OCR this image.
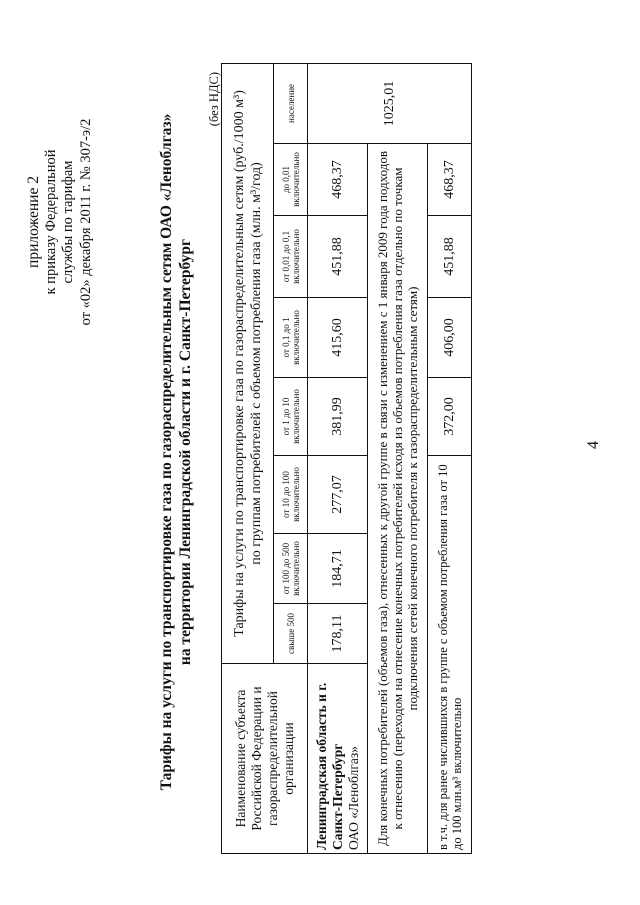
приложение 2 к приказу Федеральной службы по тарифам от «02» декабря 2011 г. № 307-э/2	Тарифы на услуги по транспортировке газа по газораспределительным сетям ОАО «Леноблгаз» на территории Ленинградской области и г. Санкт-Петербург
(без НДС)
Наименование субъекта Российской Федерации и газораспределительной организации	Тарифы на услуги по транспортировке газа по газораспределительным сетям (руб./1000 м³) по группам потребителей с объемом потребления газа (млн. м³/год)							

	свыше 500	от 100 до 500 включительно	от 10 до 100 включительно	от 1 до 10 включительно	от 0,1 до 1 включительно	от 0,01 до 0,1 включительно	до 0,01 включительно	население

Ленинградская область и г. Санкт-Петербург ОАО «Леноблгаз»	178,11	184,71	277,07	381,99	415,60	451,88	468,37	1025,01
Для конечных потребителей (объемов газа), отнесенных к другой группе в связи с изменением с 1 января 2009 года подходов к отнесению (переходом на отнесение конечных потребителей исходя из объемов потребления газа отдельно по точкам подключения сетей конечного потребителя к газораспределительным сетям)								
в т.ч. для ранее числившихся в группе с объемом потребления газа от 10 до 100 млн.м³ включительно				372,00	406,00	451,88	468,37	
4
